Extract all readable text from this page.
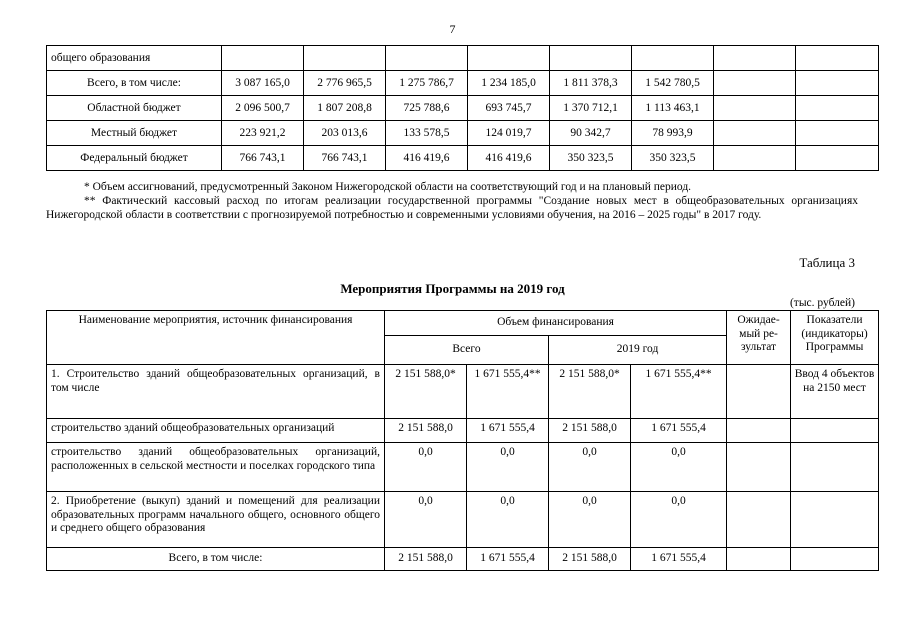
7
общего образования								
Всего, в том числе:	3 087 165,0	2 776 965,5	1 275 786,7	1 234 185,0	1 811 378,3	1 542 780,5		
Областной бюджет	2 096 500,7	1 807 208,8	725 788,6	693 745,7	1 370 712,1	1 113 463,1		
Местный бюджет	223 921,2	203 013,6	133 578,5	124 019,7	90 342,7	78 993,9		
Федеральный бюджет	766 743,1	766 743,1	416 419,6	416 419,6	350 323,5	350 323,5		

* Объем ассигнований, предусмотренный Законом Нижегородской области на соответствующий год и на плановый период.

** Фактический кассовый расход по итогам реализации государственной программы "Создание новых мест в общеобразовательных организациях Нижегородской области в соответствии с прогнозируемой потребностью и современными условиями обучения, на 2016 – 2025 годы" в 2017 году.

Таблица 3
Мероприятия Программы на 2019 год
(тыс. рублей)
Наименование мероприятия, источник финансирования	Объем финансирования				Ожидае-мый ре-зультат	Показатели (индикаторы) Программы
	Всего		2019 год			
1. Строительство зданий общеобразовательных организаций, в том числе	2 151 588,0*	1 671 555,4**	2 151 588,0*	1 671 555,4**		Ввод 4 объектов на 2150 мест
строительство зданий общеобразовательных организаций	2 151 588,0	1 671 555,4	2 151 588,0	1 671 555,4		
строительство зданий общеобразовательных организаций, расположенных в сельской местности и поселках городского типа	0,0	0,0	0,0	0,0		
2. Приобретение (выкуп) зданий и помещений для реализации образовательных программ начального общего, основного общего и среднего общего образования	0,0	0,0	0,0	0,0		
Всего, в том числе:	2 151 588,0	1 671 555,4	2 151 588,0	1 671 555,4		
